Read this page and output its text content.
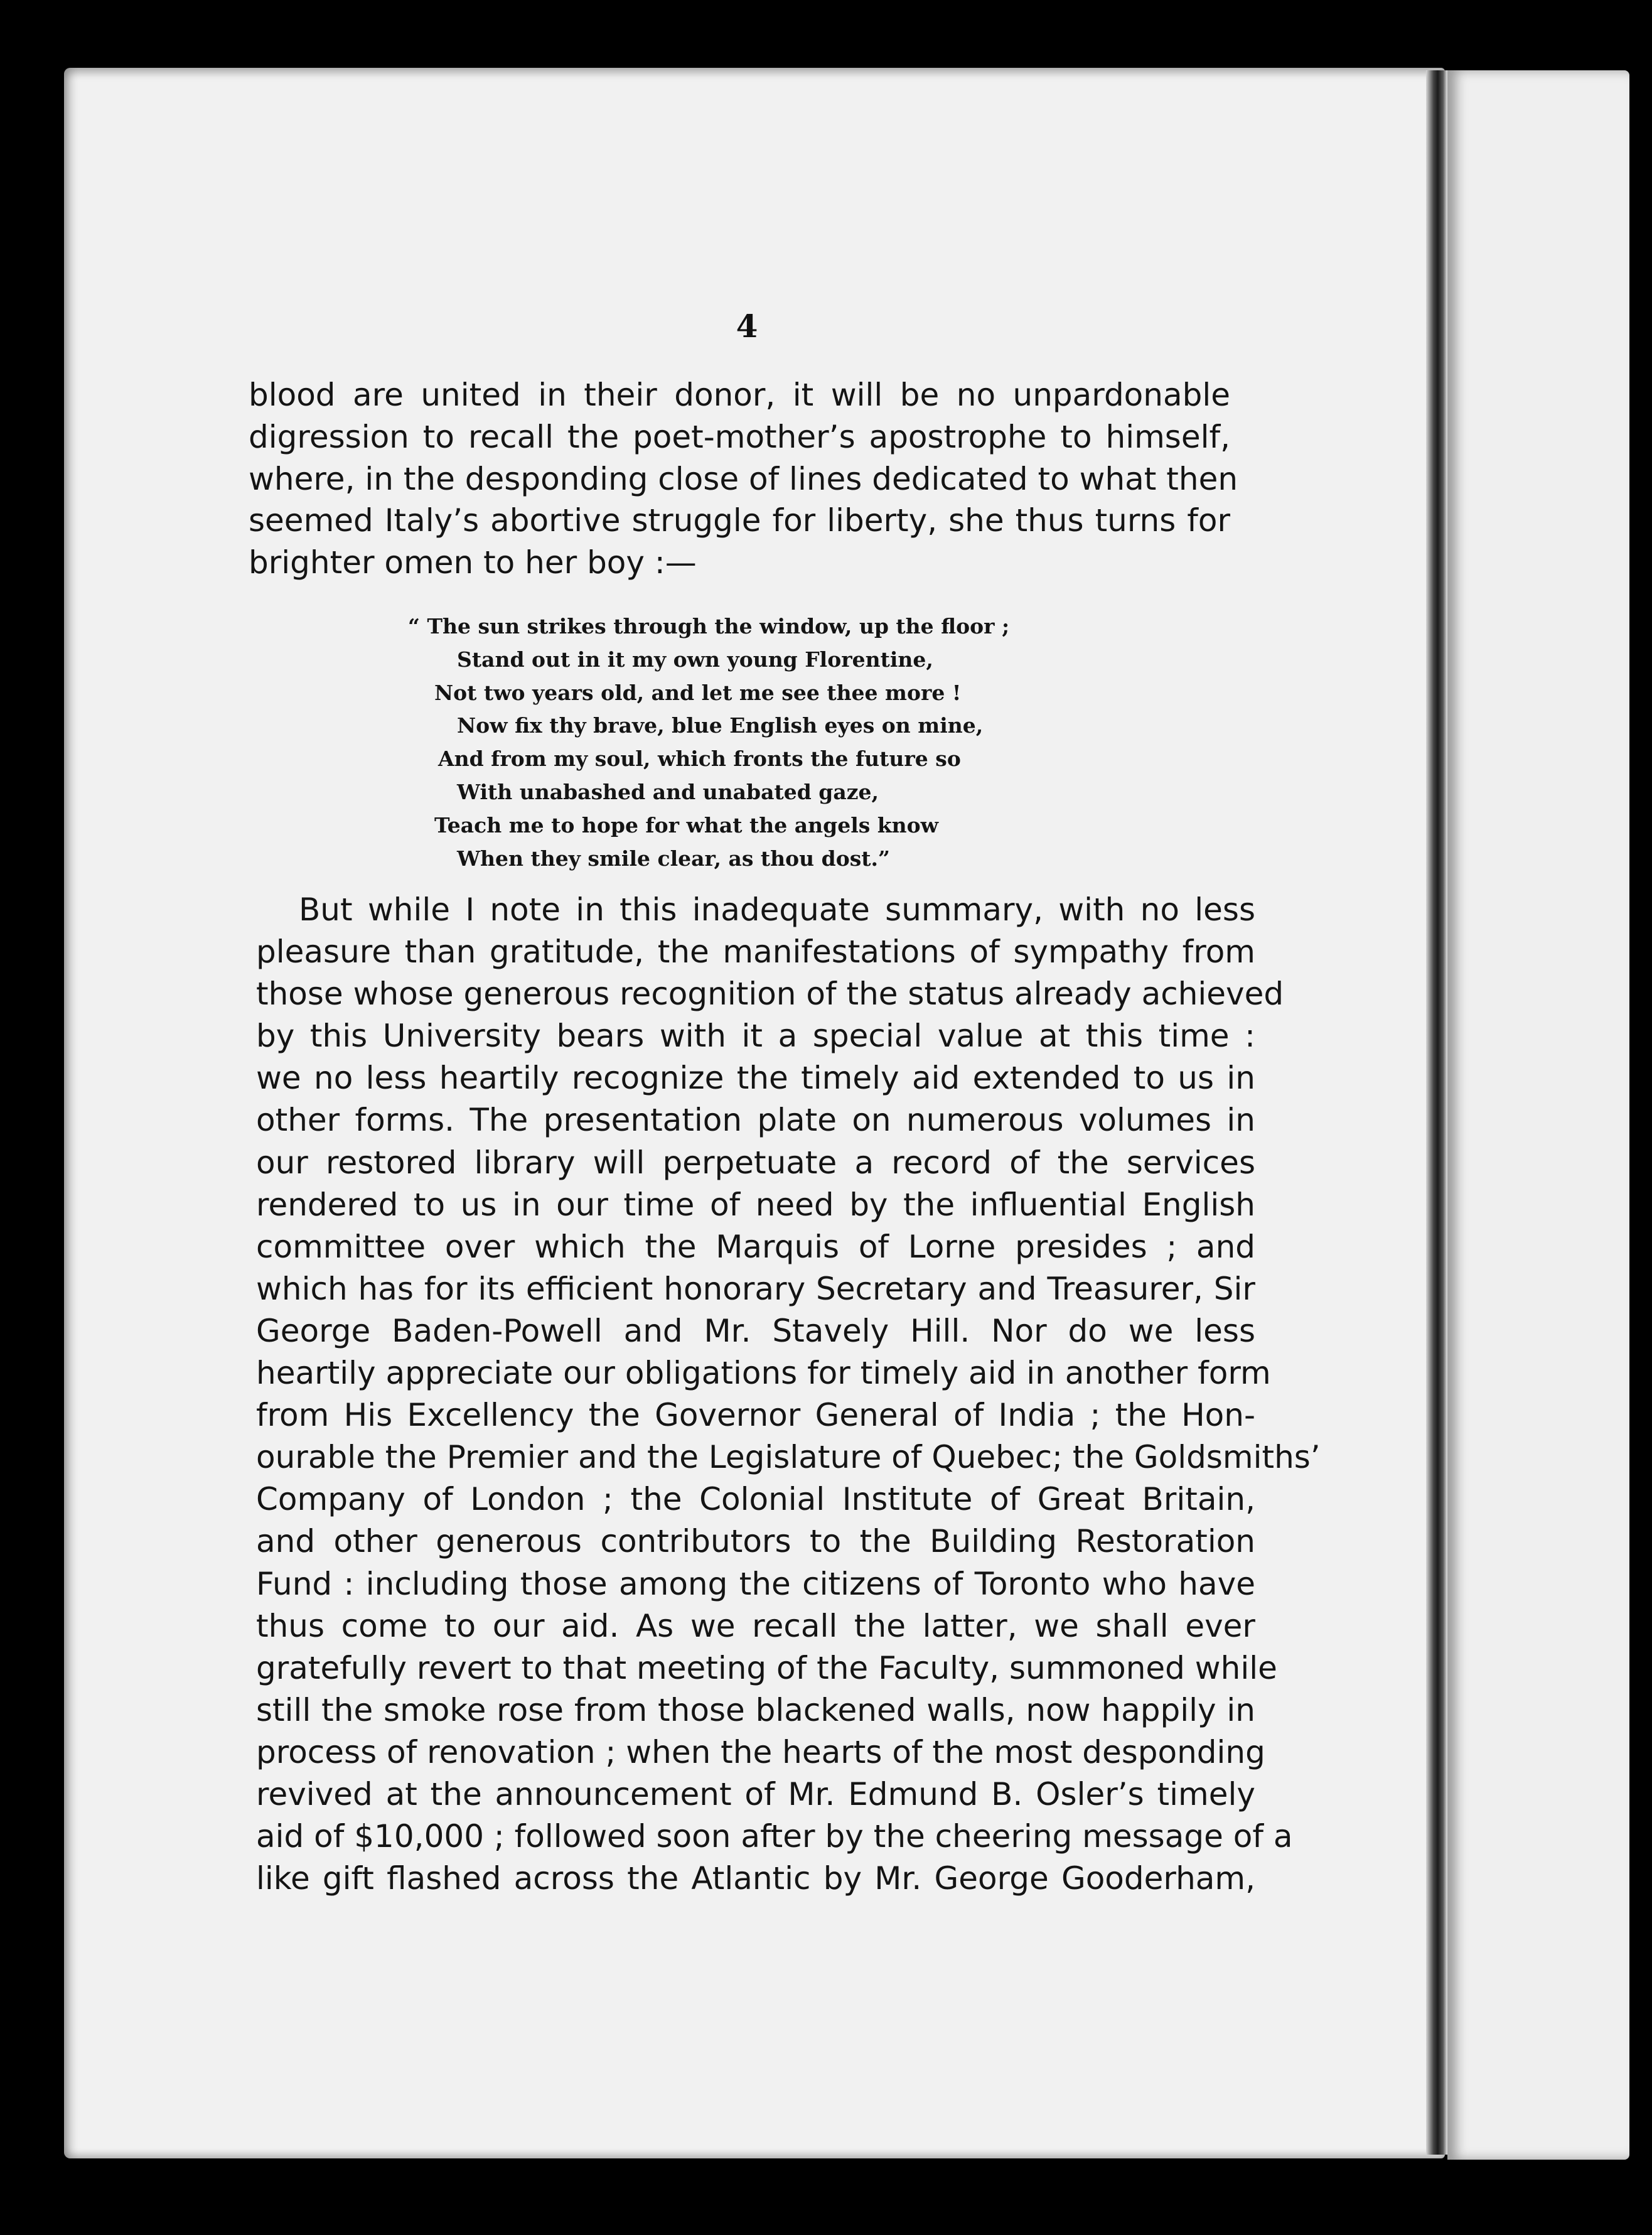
4
blood are united in their donor, it will be no unpardonable
digression to recall the poet-mother’s apostrophe to himself,
where, in the desponding close of lines dedicated to what then
seemed Italy’s abortive struggle for liberty, she thus turns for
brighter omen to her boy :—
“ The sun strikes through the window, up the floor ;
Stand out in it my own young Florentine,
Not two years old, and let me see thee more !
Now fix thy brave, blue English eyes on mine,
And from my soul, which fronts the future so
With unabashed and unabated gaze,
Teach me to hope for what the angels know
When they smile clear, as thou dost.”
But while I note in this inadequate summary, with no less
pleasure than gratitude, the manifestations of sympathy from
those whose generous recognition of the status already achieved
by this University bears with it a special value at this time :
we no less heartily recognize the timely aid extended to us in
other forms. The presentation plate on numerous volumes in
our restored library will perpetuate a record of the services
rendered to us in our time of need by the influential English
committee over which the Marquis of Lorne presides ; and
which has for its efficient honorary Secretary and Treasurer, Sir
George Baden-Powell and Mr. Stavely Hill. Nor do we less
heartily appreciate our obligations for timely aid in another form
from His Excellency the Governor General of India ; the Hon-
ourable the Premier and the Legislature of Quebec; the Goldsmiths’
Company of London ; the Colonial Institute of Great Britain,
and other generous contributors to the Building Restoration
Fund : including those among the citizens of Toronto who have
thus come to our aid. As we recall the latter, we shall ever
gratefully revert to that meeting of the Faculty, summoned while
still the smoke rose from those blackened walls, now happily in
process of renovation ; when the hearts of the most desponding
revived at the announcement of Mr. Edmund B. Osler’s timely
aid of $10,000 ; followed soon after by the cheering message of a
like gift flashed across the Atlantic by Mr. George Gooderham,
